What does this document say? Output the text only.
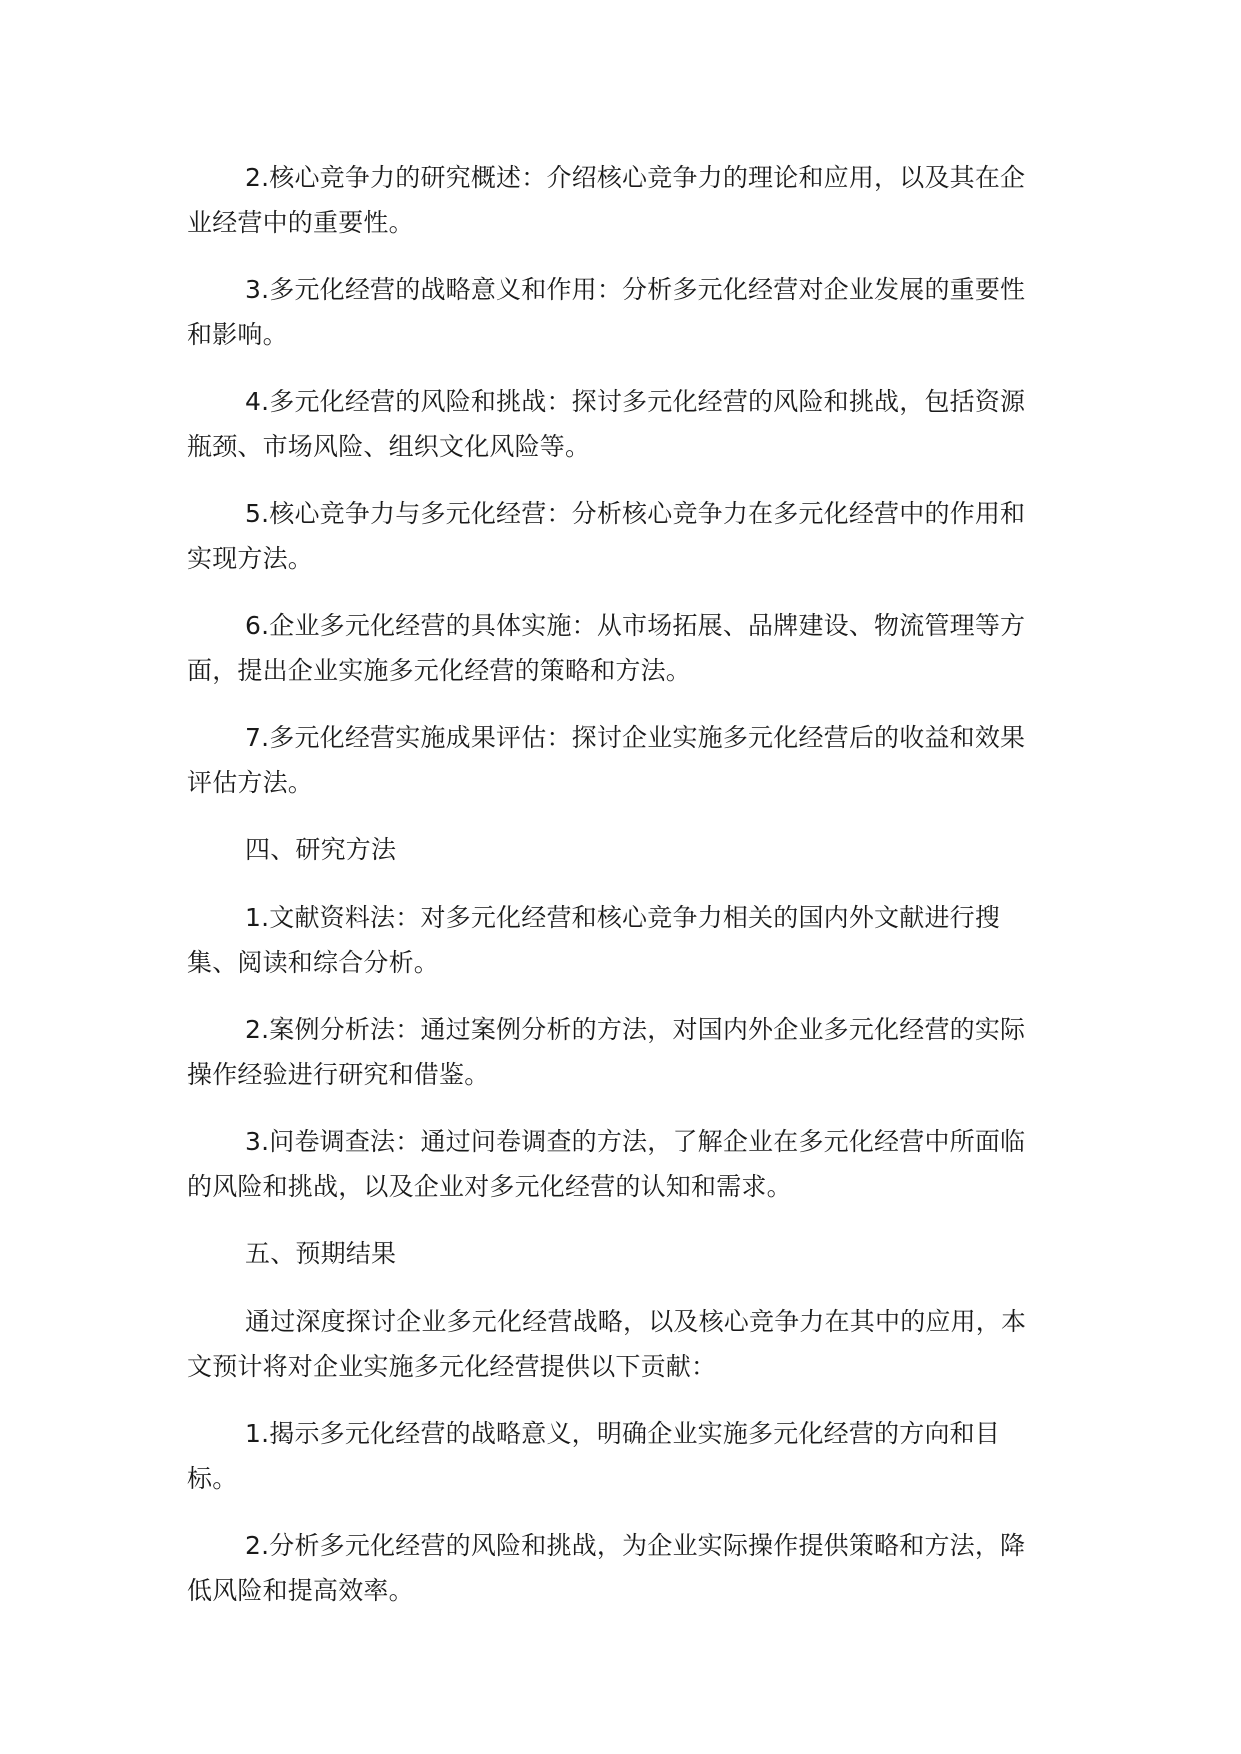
2.核心竞争力的研究概述：介绍核心竞争力的理论和应用，以及其在企业经营中的重要性。

3.多元化经营的战略意义和作用：分析多元化经营对企业发展的重要性和影响。

4.多元化经营的风险和挑战：探讨多元化经营的风险和挑战，包括资源瓶颈、市场风险、组织文化风险等。

5.核心竞争力与多元化经营：分析核心竞争力在多元化经营中的作用和实现方法。

6.企业多元化经营的具体实施：从市场拓展、品牌建设、物流管理等方面，提出企业实施多元化经营的策略和方法。

7.多元化经营实施成果评估：探讨企业实施多元化经营后的收益和效果评估方法。

四、研究方法

1.文献资料法：对多元化经营和核心竞争力相关的国内外文献进行搜集、阅读和综合分析。

2.案例分析法：通过案例分析的方法，对国内外企业多元化经营的实际操作经验进行研究和借鉴。

3.问卷调查法：通过问卷调查的方法，了解企业在多元化经营中所面临的风险和挑战，以及企业对多元化经营的认知和需求。

五、预期结果

通过深度探讨企业多元化经营战略，以及核心竞争力在其中的应用，本文预计将对企业实施多元化经营提供以下贡献：

1.揭示多元化经营的战略意义，明确企业实施多元化经营的方向和目标。

2.分析多元化经营的风险和挑战，为企业实际操作提供策略和方法，降低风险和提高效率。
